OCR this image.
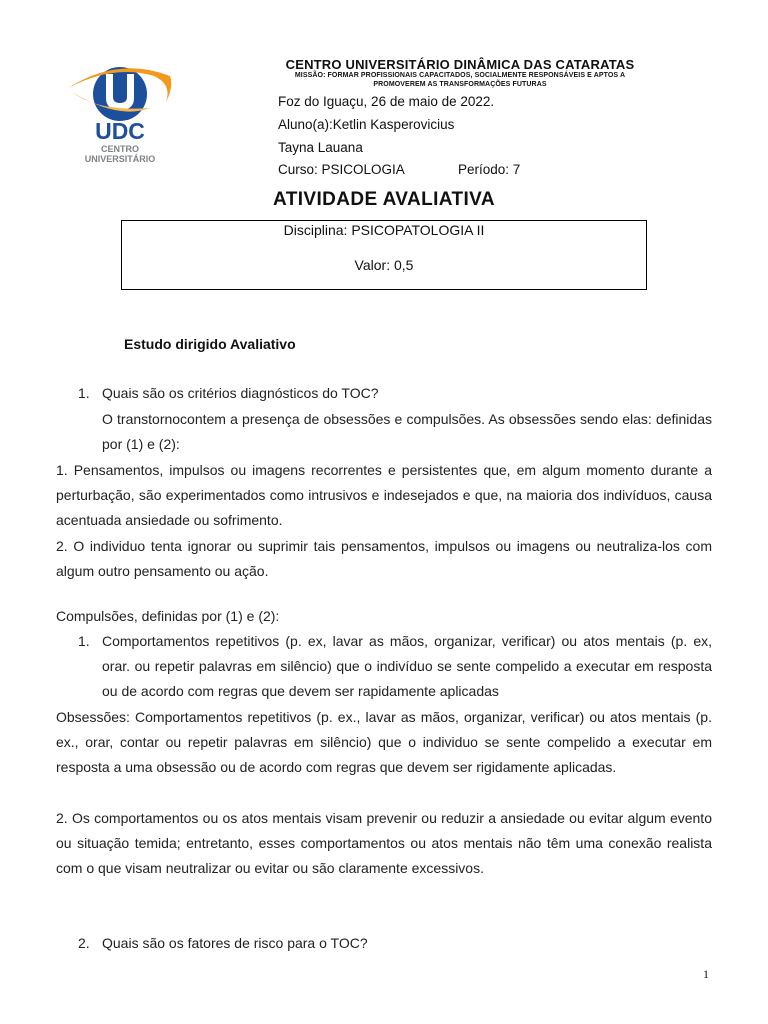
UDC
CENTRO
UNIVERSITÁRIO
CENTRO UNIVERSITÁRIO DINÂMICA DAS CATARATAS
MISSÃO: FORMAR PROFISSIONAIS CAPACITADOS, SOCIALMENTE RESPONSÁVEIS E APTOS A
PROMOVEREM AS TRANSFORMAÇÕES FUTURAS
Foz do Iguaçu, 26 de maio de 2022.
Aluno(a):Ketlin Kasperovicius
Tayna Lauana
Curso: PSICOLOGIA	Período: 7
ATIVIDADE AVALIATIVA
Disciplina: PSICOPATOLOGIA II
Valor: 0,5
Estudo dirigido Avaliativo
1. Quais são os critérios diagnósticos do TOC?
O transtornocontem a presença de obsessões e compulsões. As obsessões sendo elas: definidas por (1) e (2):
1. Pensamentos, impulsos ou imagens recorrentes e persistentes que, em algum momento durante a perturbação, são experimentados como intrusivos e indesejados e que, na maioria dos indivíduos, causa acentuada ansiedade ou sofrimento.
2. O individuo tenta ignorar ou suprimir tais pensamentos, impulsos ou imagens ou neutraliza-los com algum outro pensamento ou ação.
Compulsões, definidas por (1) e (2):
1. Comportamentos repetitivos (p. ex, lavar as mãos, organizar, verificar) ou atos mentais (p. ex, orar. ou repetir palavras em silêncio) que o indivíduo se sente compelido a executar em resposta ou de acordo com regras que devem ser rapidamente aplicadas
Obsessões: Comportamentos repetitivos (p. ex., lavar as mãos, organizar, verificar) ou atos mentais (p. ex., orar, contar ou repetir palavras em silêncio) que o individuo se sente compelido a executar em resposta a uma obsessão ou de acordo com regras que devem ser rigidamente aplicadas.
2. Os comportamentos ou os atos mentais visam prevenir ou reduzir a ansiedade ou evitar algum evento ou situação temida; entretanto, esses comportamentos ou atos mentais não têm uma conexão realista com o que visam neutralizar ou evitar ou são claramente excessivos.
2. Quais são os fatores de risco para o TOC?
1
